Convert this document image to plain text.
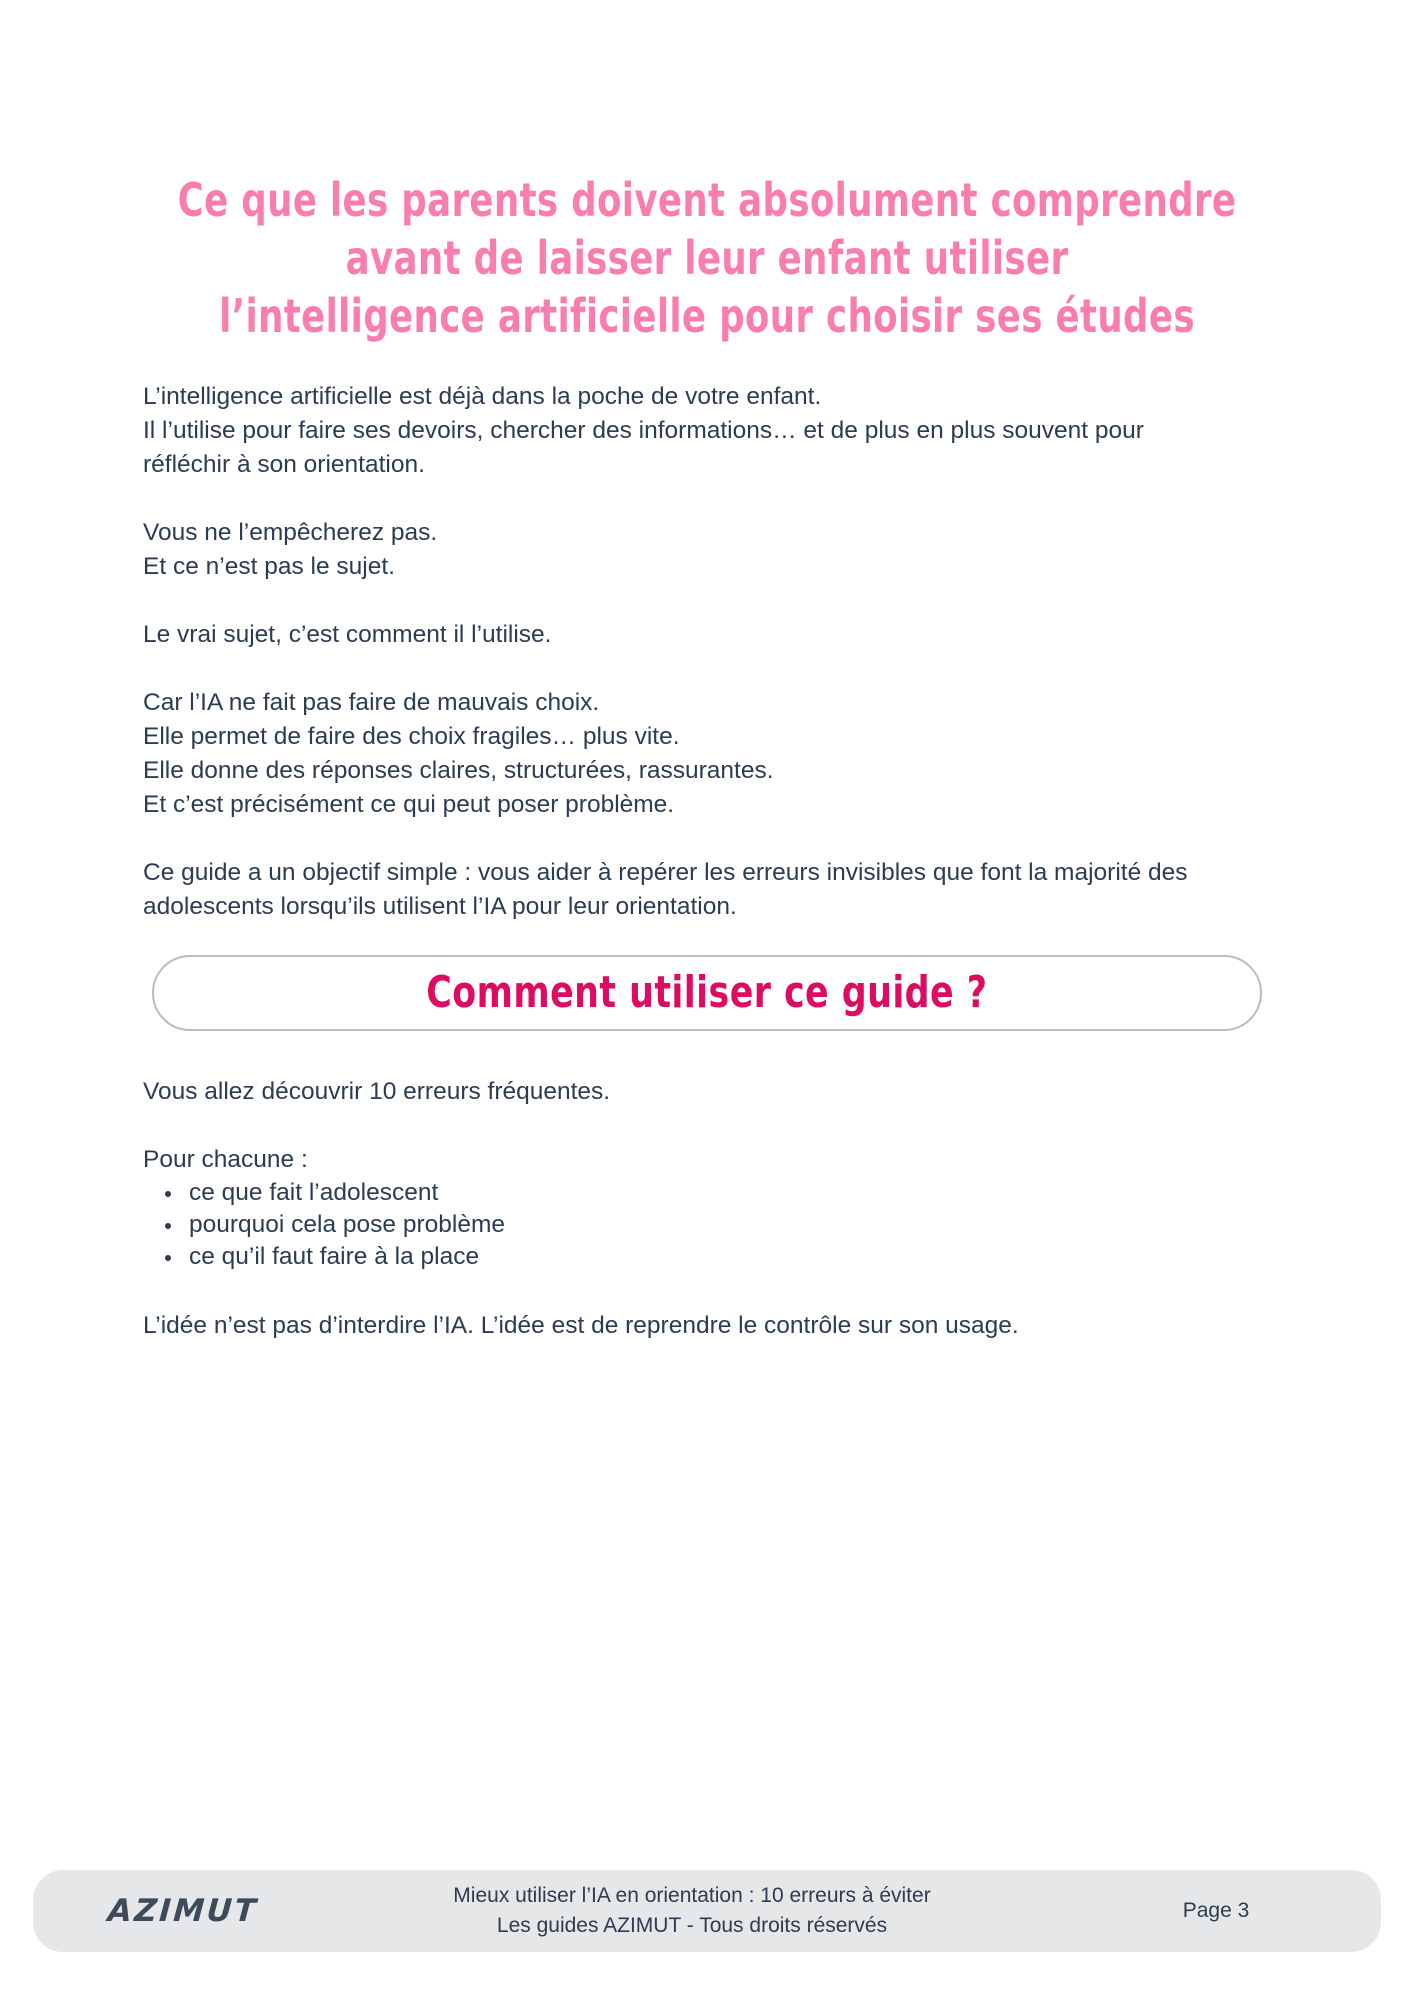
Ce que les parents doivent absolument comprendre
avant de laisser leur enfant utiliser
l’intelligence artificielle pour choisir ses études

L’intelligence artificielle est déjà dans la poche de votre enfant.
Il l’utilise pour faire ses devoirs, chercher des informations… et de plus en plus souvent pour
réfléchir à son orientation.

Vous ne l’empêcherez pas.
Et ce n’est pas le sujet.

Le vrai sujet, c’est comment il l’utilise.

Car l’IA ne fait pas faire de mauvais choix.
Elle permet de faire des choix fragiles… plus vite.
Elle donne des réponses claires, structurées, rassurantes.
Et c’est précisément ce qui peut poser problème.

Ce guide a un objectif simple : vous aider à repérer les erreurs invisibles que font la majorité des
adolescents lorsqu’ils utilisent l’IA pour leur orientation.

Comment utiliser ce guide ?

Vous allez découvrir 10 erreurs fréquentes.

Pour chacune :

ce que fait l’adolescent
pourquoi cela pose problème
ce qu’il faut faire à la place

L’idée n’est pas d’interdire l’IA. L’idée est de reprendre le contrôle sur son usage.

AZIMUT	Mieux utiliser l’IA en orientation : 10 erreurs à éviter
Les guides AZIMUT - Tous droits réservés
Page 3
